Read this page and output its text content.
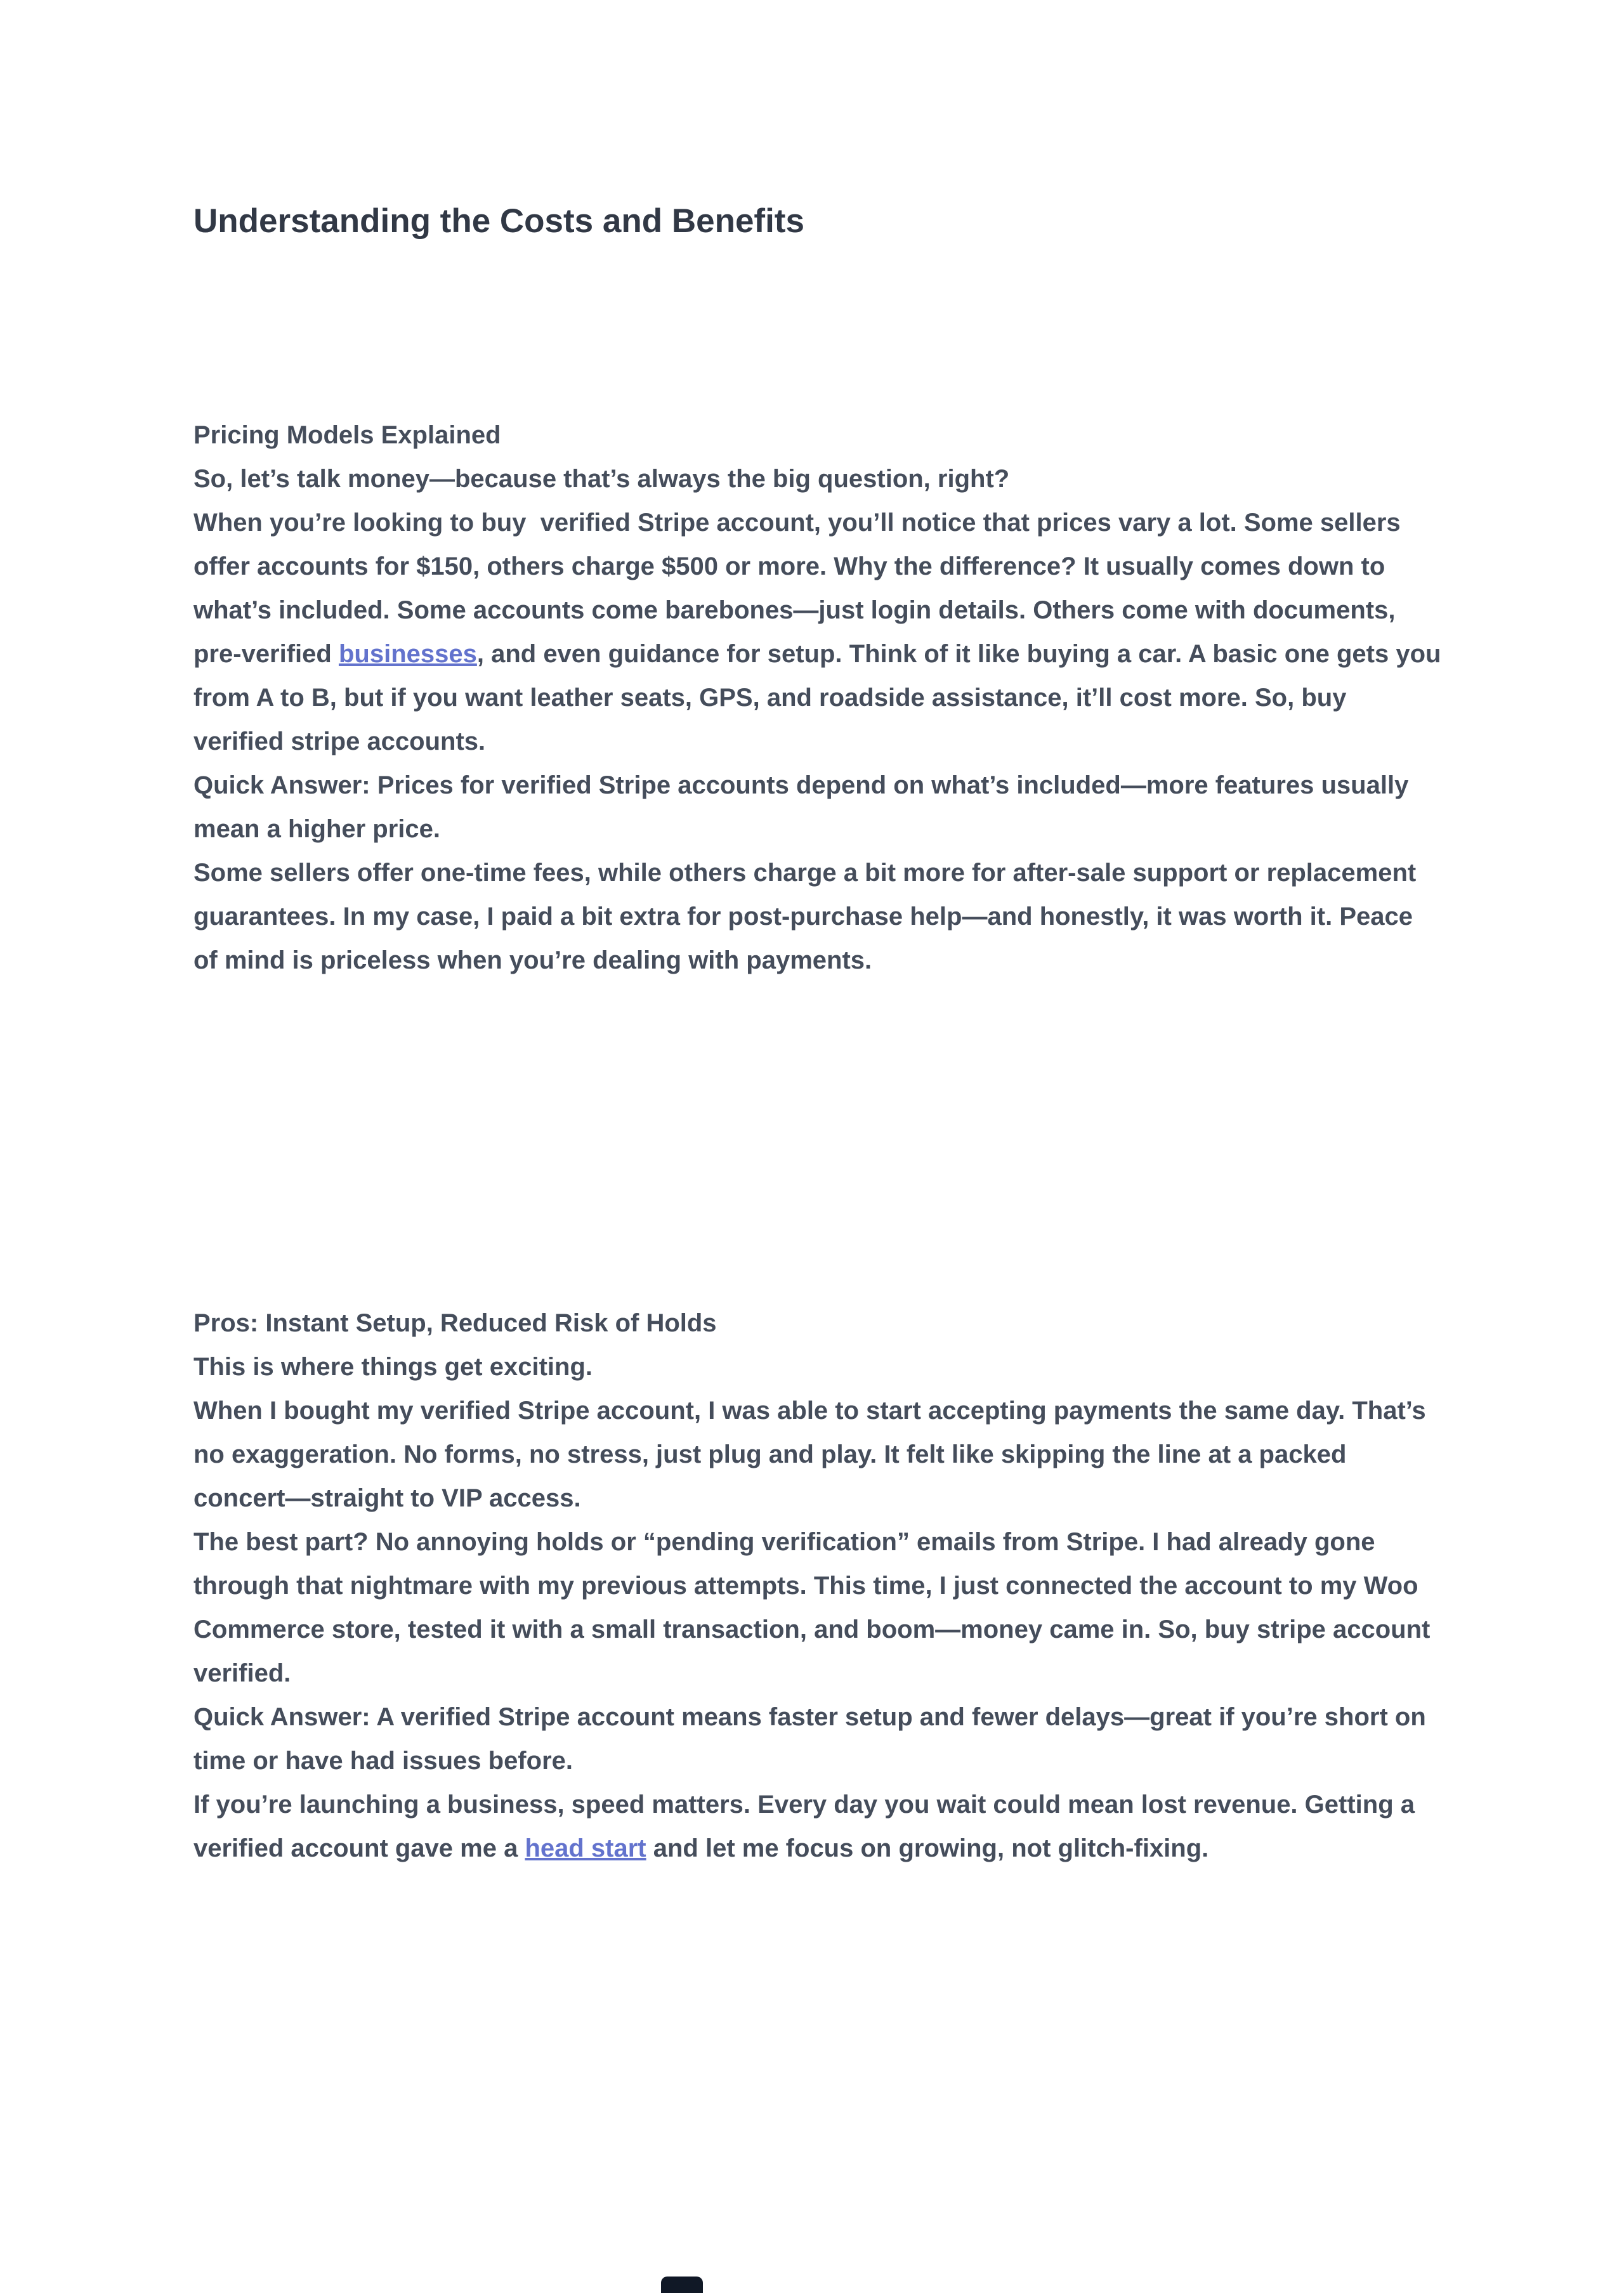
Understanding the Costs and Benefits
Pricing Models Explained

So, let’s talk money—because that’s always the big question, right?

When you’re looking to buy  verified Stripe account, you’ll notice that prices vary a lot. Some sellers offer accounts for $150, others charge $500 or more. Why the difference? It usually comes down to what’s included. Some accounts come barebones—just login details. Others come with documents, pre-verified businesses, and even guidance for setup. Think of it like buying a car. A basic one gets you from A to B, but if you want leather seats, GPS, and roadside assistance, it’ll cost more. So, buy verified stripe accounts.

Quick Answer: Prices for verified Stripe accounts depend on what’s included—more features usually mean a higher price.

Some sellers offer one-time fees, while others charge a bit more for after-sale support or replacement guarantees. In my case, I paid a bit extra for post-purchase help—and honestly, it was worth it. Peace of mind is priceless when you’re dealing with payments.

Pros: Instant Setup, Reduced Risk of Holds

This is where things get exciting.

When I bought my verified Stripe account, I was able to start accepting payments the same day. That’s no exaggeration. No forms, no stress, just plug and play. It felt like skipping the line at a packed concert—straight to VIP access.

The best part? No annoying holds or “pending verification” emails from Stripe. I had already gone through that nightmare with my previous attempts. This time, I just connected the account to my Woo Commerce store, tested it with a small transaction, and boom—money came in. So, buy stripe account verified.

Quick Answer: A verified Stripe account means faster setup and fewer delays—great if you’re short on time or have had issues before.

If you’re launching a business, speed matters. Every day you wait could mean lost revenue. Getting a verified account gave me a head start and let me focus on growing, not glitch-fixing.
